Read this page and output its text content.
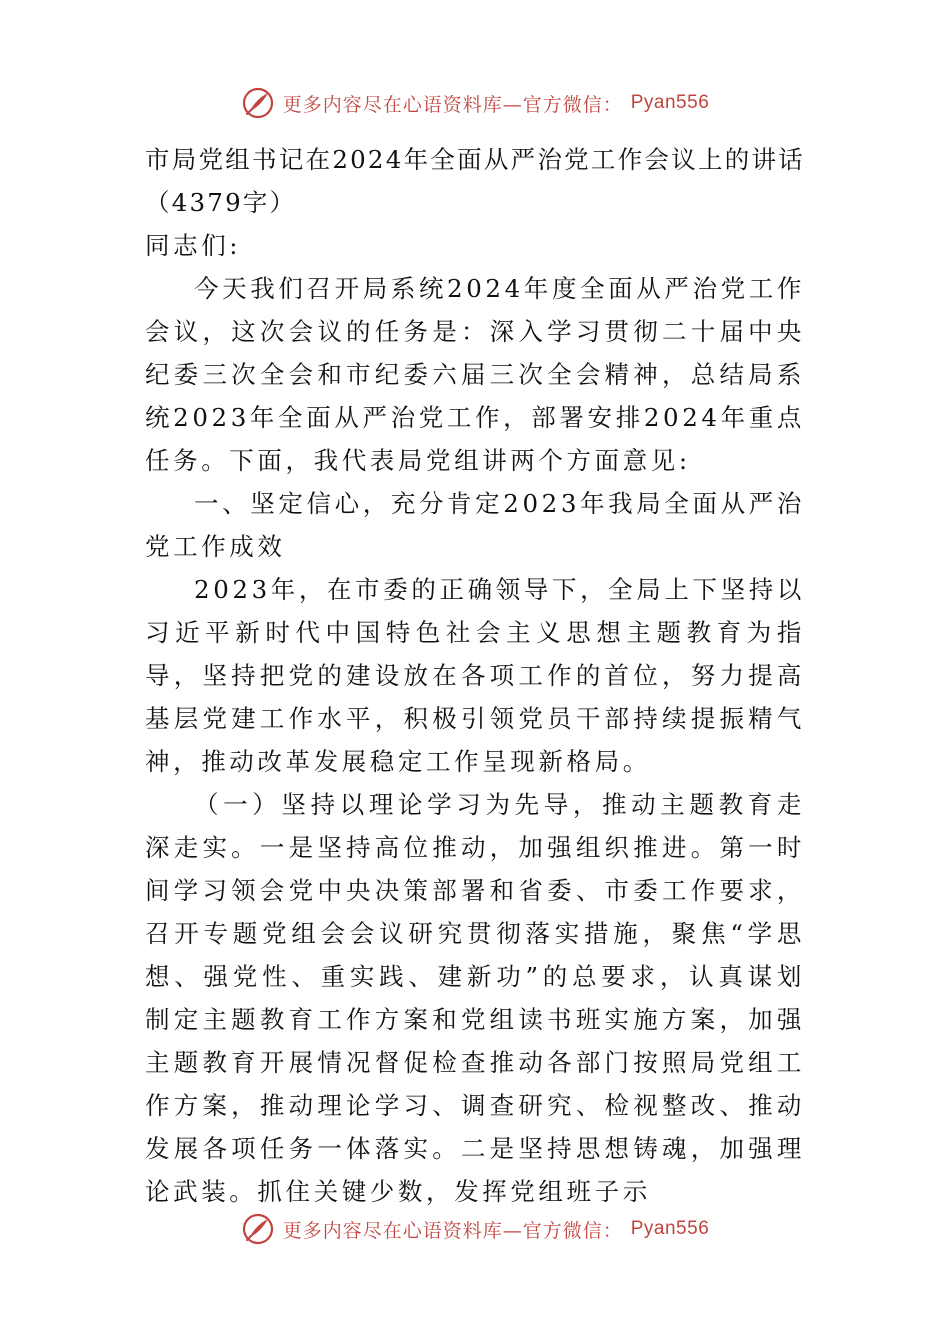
更多内容尽在心语资料库—官方微信： Pyan556

市局党组书记在2024年全面从严治党工作会议上的讲话（4379字）

同志们:

今天我们召开局系统2024年度全面从严治党工作会议，这次会议的任务是：深入学习贯彻二十届中央纪委三次全会和市纪委六届三次全会精神，总结局系统2023年全面从严治党工作，部署安排2024年重点任务。下面，我代表局党组讲两个方面意见:

一、坚定信心，充分肯定2023年我局全面从严治党工作成效

2023年，在市委的正确领导下，全局上下坚持以习近平新时代中国特色社会主义思想主题教育为指导，坚持把党的建设放在各项工作的首位，努力提高基层党建工作水平，积极引领党员干部持续提振精气神，推动改革发展稳定工作呈现新格局。

（一）坚持以理论学习为先导，推动主题教育走深走实。一是坚持高位推动，加强组织推进。第一时间学习领会党中央决策部署和省委、市委工作要求，召开专题党组会会议研究贯彻落实措施，聚焦“学思想、强党性、重实践、建新功”的总要求，认真谋划制定主题教育工作方案和党组读书班实施方案，加强主题教育开展情况督促检查推动各部门按照局党组工作方案，推动理论学习、调查研究、检视整改、推动发展各项任务一体落实。二是坚持思想铸魂，加强理论武装。抓住关键少数，发挥党组班子示

更多内容尽在心语资料库—官方微信： Pyan556
